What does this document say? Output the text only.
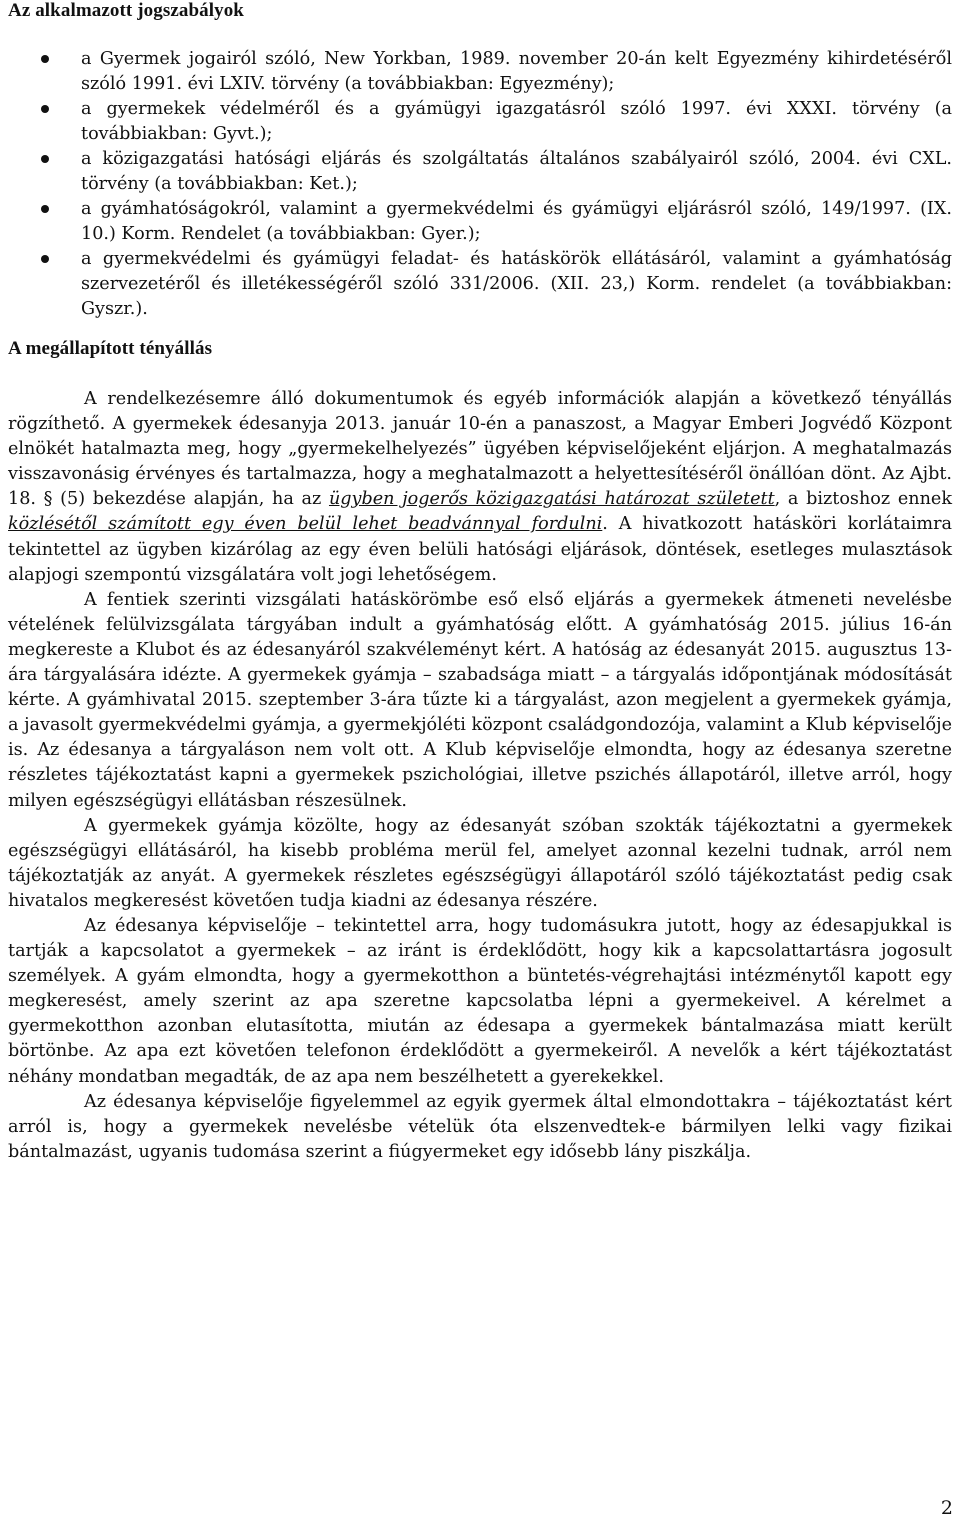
Az alkalmazott jogszabályok
a Gyermek jogairól szóló, New Yorkban, 1989. november 20-án kelt Egyezmény kihirdetéséről szóló 1991. évi LXIV. törvény (a továbbiakban: Egyezmény);
a gyermekek védelméről és a gyámügyi igazgatásról szóló 1997. évi XXXI. törvény (a továbbiakban: Gyvt.);
a közigazgatási hatósági eljárás és szolgáltatás általános szabályairól szóló, 2004. évi CXL. törvény (a továbbiakban: Ket.);
a gyámhatóságokról, valamint a gyermekvédelmi és gyámügyi eljárásról szóló, 149/1997. (IX. 10.) Korm. Rendelet (a továbbiakban: Gyer.);
a gyermekvédelmi és gyámügyi feladat- és hatáskörök ellátásáról, valamint a gyámhatóság szervezetéről és illetékességéről szóló 331/2006. (XII. 23,) Korm. rendelet (a továbbiakban: Gyszr.).
A megállapított tényállás

A rendelkezésemre álló dokumentumok és egyéb információk alapján a következő tényállás rögzíthető. A gyermekek édesanyja 2013. január 10-én a panaszost, a Magyar Emberi Jogvédő Központ elnökét hatalmazta meg, hogy „gyermekelhelyezés” ügyében képviselőjeként eljárjon. A meghatalmazás visszavonásig érvényes és tartalmazza, hogy a meghatalmazott a helyettesítéséről önállóan dönt. Az Ajbt. 18. § (5) bekezdése alapján, ha az ügyben jogerős közigazgatási határozat született, a biztoshoz ennek közlésétől számított egy éven belül lehet beadvánnyal fordulni. A hivatkozott hatásköri korlátaimra tekintettel az ügyben kizárólag az egy éven belüli hatósági eljárások, döntések, esetleges mulasztások alapjogi szempontú vizsgálatára volt jogi lehetőségem.

A fentiek szerinti vizsgálati hatáskörömbe eső első eljárás a gyermekek átmeneti nevelésbe vételének felülvizsgálata tárgyában indult a gyámhatóság előtt. A gyámhatóság 2015. július 16-án megkereste a Klubot és az édesanyáról szakvéleményt kért. A hatóság az édesanyát 2015. augusztus 13-ára tárgyalására idézte. A gyermekek gyámja – szabadsága miatt – a tárgyalás időpontjának módosítását kérte. A gyámhivatal 2015. szeptember 3-ára tűzte ki a tárgyalást, azon megjelent a gyermekek gyámja, a javasolt gyermekvédelmi gyámja, a gyermekjóléti központ családgondozója, valamint a Klub képviselője is. Az édesanya a tárgyaláson nem volt ott. A Klub képviselője elmondta, hogy az édesanya szeretne részletes tájékoztatást kapni a gyermekek pszichológiai, illetve pszichés állapotáról, illetve arról, hogy milyen egészségügyi ellátásban részesülnek.

A gyermekek gyámja közölte, hogy az édesanyát szóban szokták tájékoztatni a gyermekek egészségügyi ellátásáról, ha kisebb probléma merül fel, amelyet azonnal kezelni tudnak, arról nem tájékoztatják az anyát. A gyermekek részletes egészségügyi állapotáról szóló tájékoztatást pedig csak hivatalos megkeresést követően tudja kiadni az édesanya részére.

Az édesanya képviselője – tekintettel arra, hogy tudomásukra jutott, hogy az édesapjukkal is tartják a kapcsolatot a gyermekek – az iránt is érdeklődött, hogy kik a kapcsolattartásra jogosult személyek. A gyám elmondta, hogy a gyermekotthon a büntetés-végrehajtási intézménytől kapott egy megkeresést, amely szerint az apa szeretne kapcsolatba lépni a gyermekeivel. A kérelmet a gyermekotthon azonban elutasította, miután az édesapa a gyermekek bántalmazása miatt került börtönbe. Az apa ezt követően telefonon érdeklődött a gyermekeiről. A nevelők a kért tájékoztatást néhány mondatban megadták, de az apa nem beszélhetett a gyerekekkel.

Az édesanya képviselője figyelemmel az egyik gyermek által elmondottakra – tájékoztatást kért arról is, hogy a gyermekek nevelésbe vételük óta elszenvedtek-e bármilyen lelki vagy fizikai bántalmazást, ugyanis tudomása szerint a fiúgyermeket egy idősebb lány piszkálja.

2
